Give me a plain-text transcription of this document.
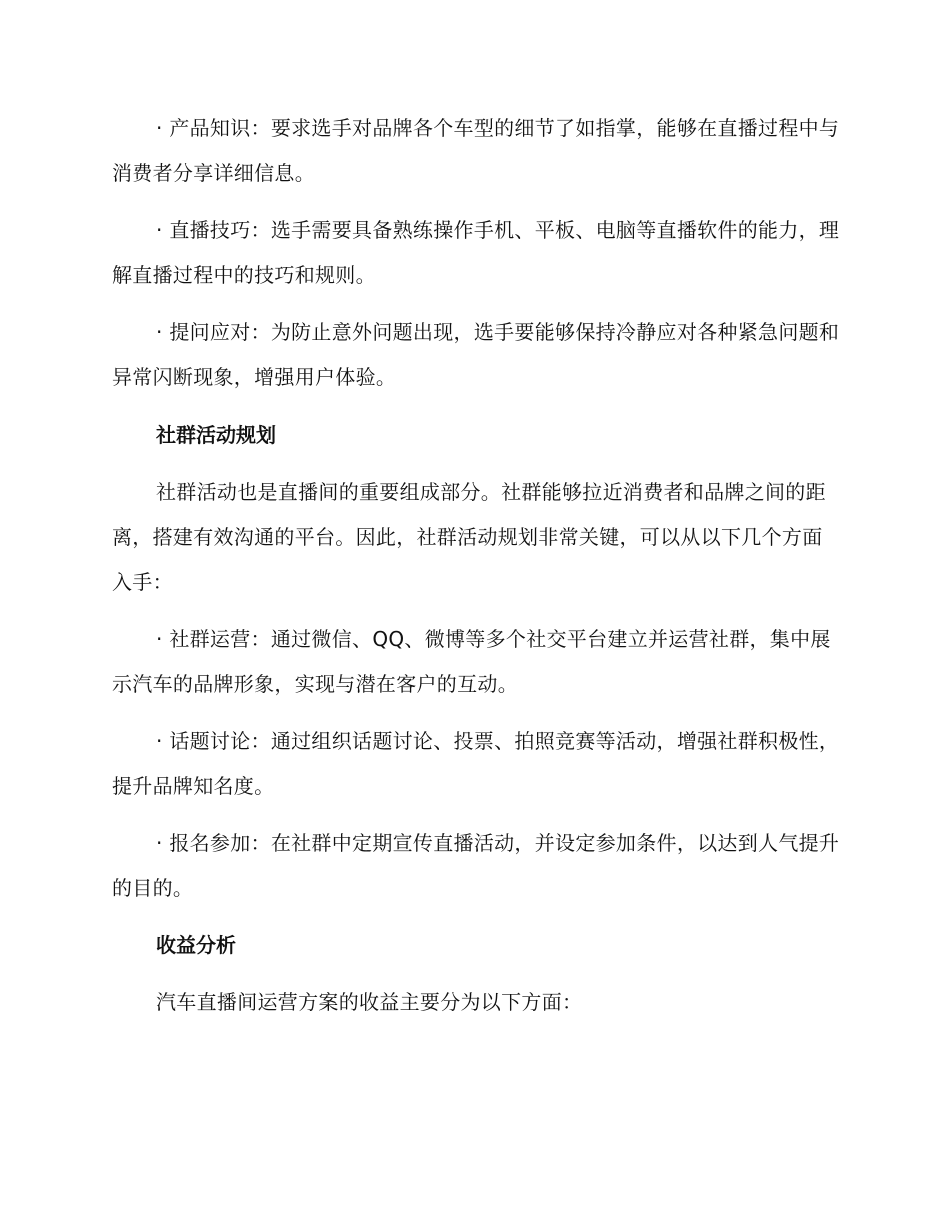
· 产品知识：要求选手对品牌各个车型的细节了如指掌，能够在直播过程中与消费者分享详细信息。

· 直播技巧：选手需要具备熟练操作手机、平板、电脑等直播软件的能力，理解直播过程中的技巧和规则。

· 提问应对：为防止意外问题出现，选手要能够保持冷静应对各种紧急问题和异常闪断现象，增强用户体验。

社群活动规划

社群活动也是直播间的重要组成部分。社群能够拉近消费者和品牌之间的距离，搭建有效沟通的平台。因此，社群活动规划非常关键，可以从以下几个方面入手：

· 社群运营：通过微信、QQ、微博等多个社交平台建立并运营社群，集中展示汽车的品牌形象，实现与潜在客户的互动。

· 话题讨论：通过组织话题讨论、投票、拍照竞赛等活动，增强社群积极性，提升品牌知名度。

· 报名参加：在社群中定期宣传直播活动，并设定参加条件，以达到人气提升的目的。

收益分析

汽车直播间运营方案的收益主要分为以下方面：
